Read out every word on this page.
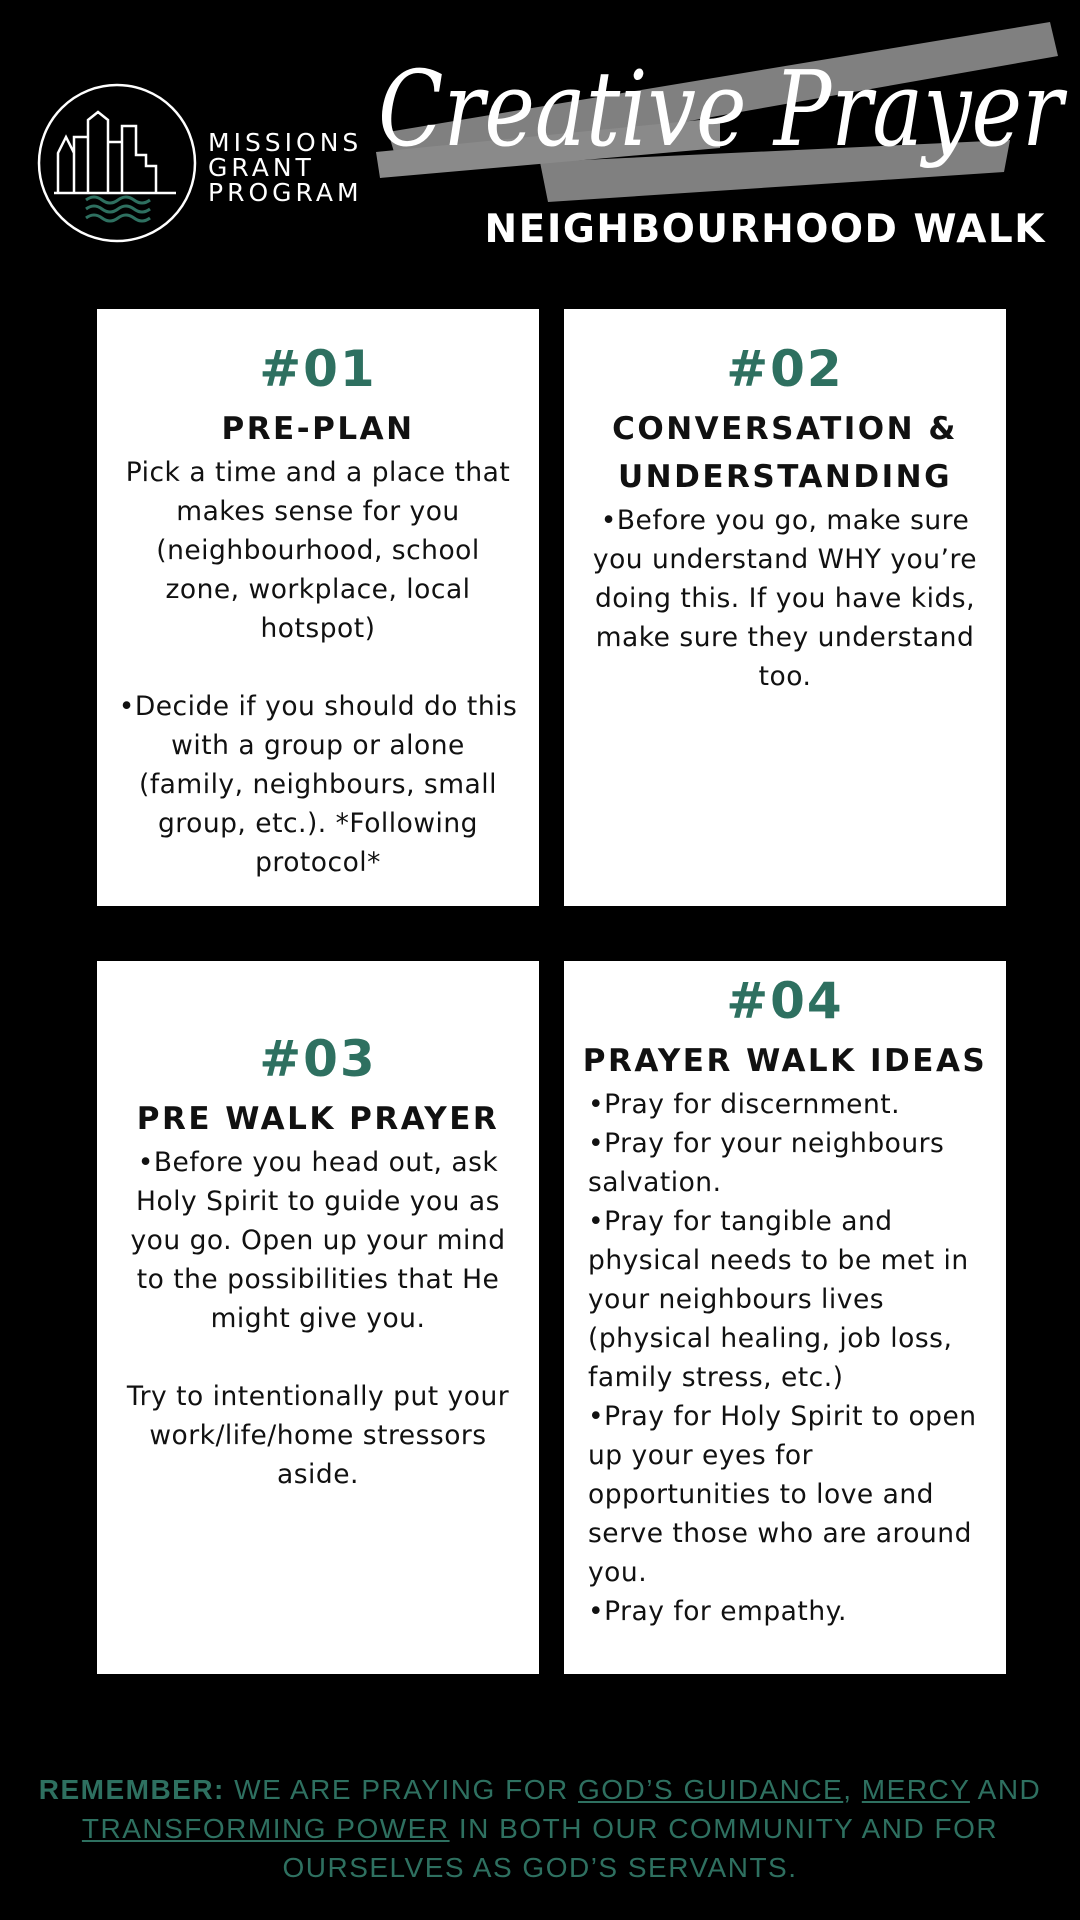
MISSIONS
GRANT
PROGRAM
Creative Prayer
NEIGHBOURHOOD WALK
#01
PRE-PLAN
Pick a time and a place that makes sense for you (neighbourhood, school zone, workplace, local hotspot)

•Decide if you should do this with a group or alone (family, neighbours, small group, etc.). *Following protocol*
#02
CONVERSATION & UNDERSTANDING
•Before you go, make sure you understand WHY you’re doing this. If you have kids, make sure they understand too.
#03
PRE WALK PRAYER
•Before you head out, ask Holy Spirit to guide you as you go. Open up your mind to the possibilities that He might give you.

Try to intentionally put your work/life/home stressors aside.
#04
PRAYER WALK IDEAS
•Pray for discernment.
•Pray for your neighbours salvation.
•Pray for tangible and physical needs to be met in your neighbours lives (physical healing, job loss, family stress, etc.)
•Pray for Holy Spirit to open up your eyes for opportunities to love and serve those who are around you.
•Pray for empathy.
REMEMBER: WE ARE PRAYING FOR GOD’S GUIDANCE, MERCY AND TRANSFORMING POWER IN BOTH OUR COMMUNITY AND FOR OURSELVES AS GOD’S SERVANTS.
